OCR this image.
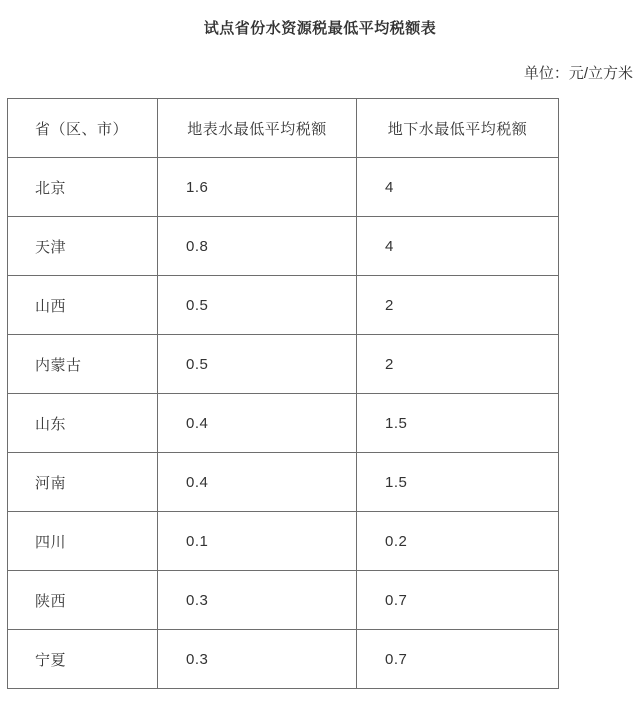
试点省份水资源税最低平均税额表
单位：元/立方米
省（区、市）	地表水最低平均税额	地下水最低平均税额
北京	1.6	4
天津	0.8	4
山西	0.5	2
内蒙古	0.5	2
山东	0.4	1.5
河南	0.4	1.5
四川	0.1	0.2
陕西	0.3	0.7
宁夏	0.3	0.7
